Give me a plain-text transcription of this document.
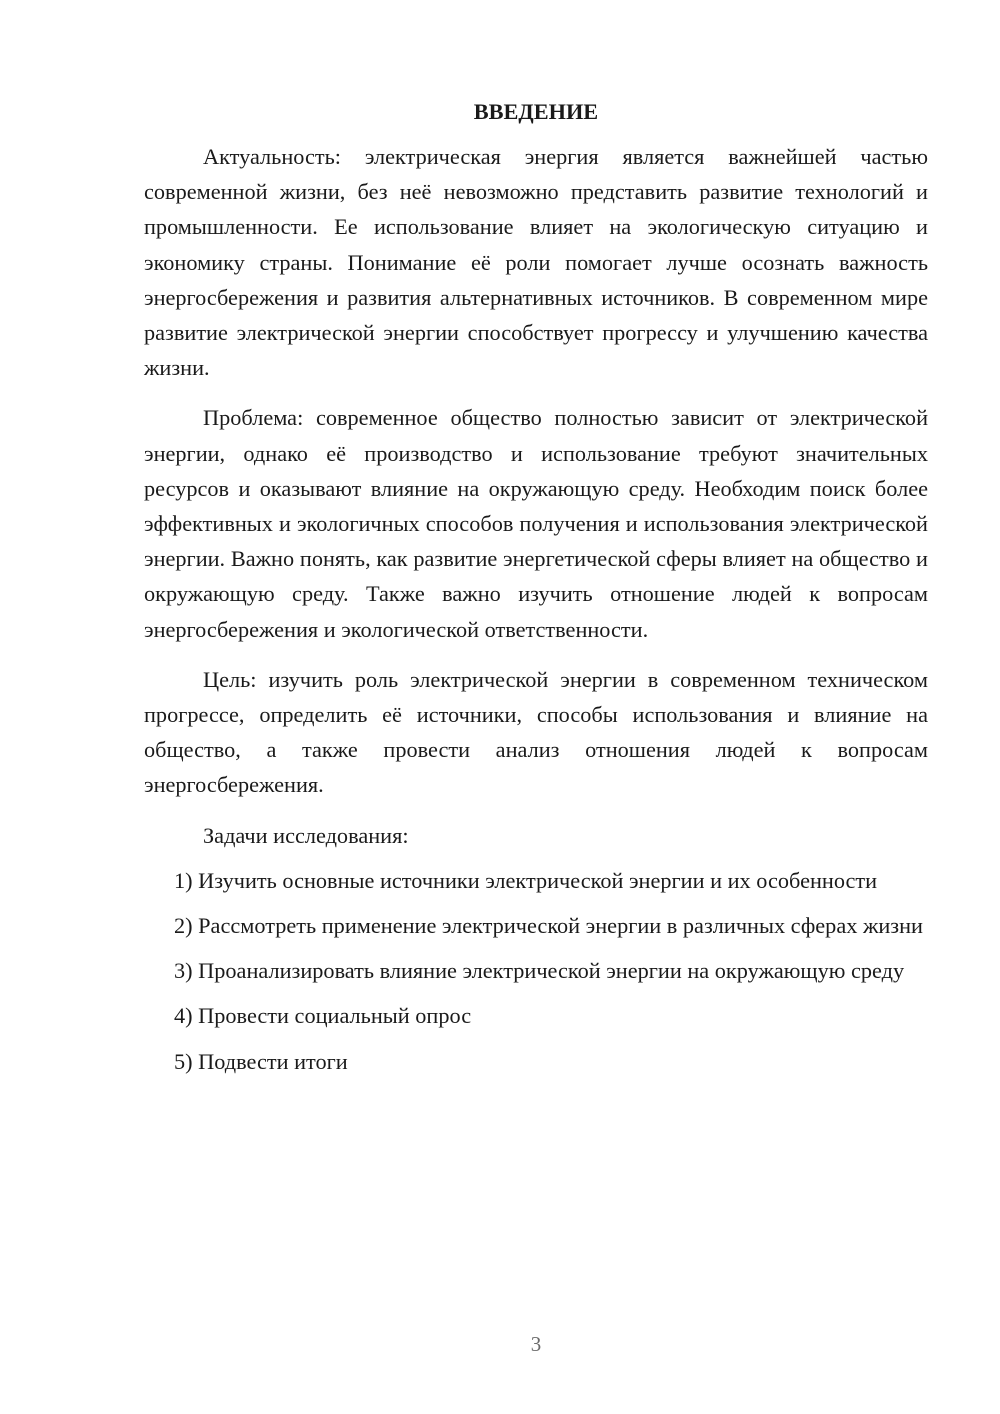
ВВЕДЕНИЕ

Актуальность: электрическая энергия является важнейшей частью современной жизни, без неё невозможно представить развитие технологий и промышленности. Ее использование влияет на экологическую ситуацию и экономику страны. Понимание её роли помогает лучше осознать важность энергосбережения и развития альтернативных источников. В современном мире развитие электрической энергии способствует прогрессу и улучшению качества жизни.

Проблема: современное общество полностью зависит от электрической энергии, однако её производство и использование требуют значительных ресурсов и оказывают влияние на окружающую среду. Необходим поиск более эффективных и экологичных способов получения и использования электрической энергии. Важно понять, как развитие энергетической сферы влияет на общество и окружающую среду. Также важно изучить отношение людей к вопросам энергосбережения и экологической ответственности.

Цель: изучить роль электрической энергии в современном техническом прогрессе, определить её источники, способы использования и влияние на общество, а также провести анализ отношения людей к вопросам энергосбережения.

Задачи исследования:

1) Изучить основные источники электрической энергии и их особенности

2) Рассмотреть применение электрической энергии в различных сферах жизни

3) Проанализировать влияние электрической энергии на окружающую среду

4) Провести социальный опрос

5) Подвести итоги

3
